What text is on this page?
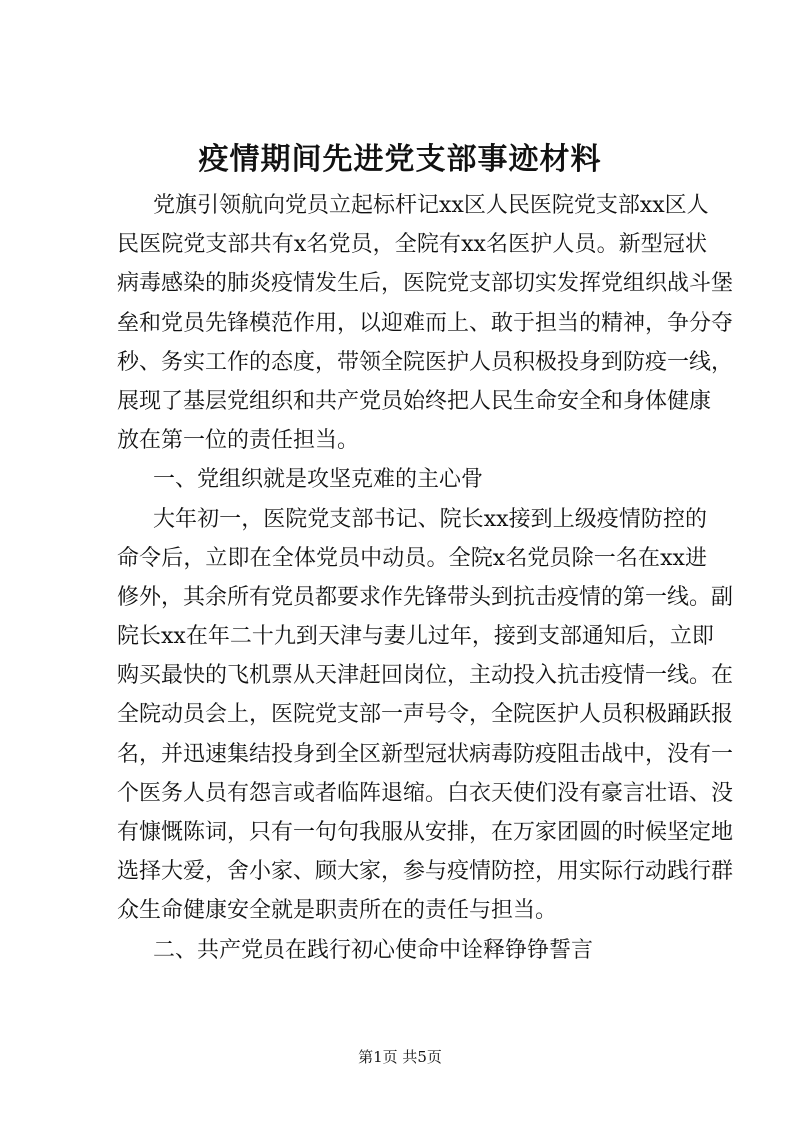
疫情期间先进党支部事迹材料

党旗引领航向党员立起标杆记xx区人民医院党支部xx区人

民医院党支部共有x名党员，全院有xx名医护人员。新型冠状

病毒感染的肺炎疫情发生后，医院党支部切实发挥党组织战斗堡

垒和党员先锋模范作用，以迎难而上、敢于担当的精神，争分夺

秒、务实工作的态度，带领全院医护人员积极投身到防疫一线，

展现了基层党组织和共产党员始终把人民生命安全和身体健康

放在第一位的责任担当。

一、党组织就是攻坚克难的主心骨

大年初一，医院党支部书记、院长xx接到上级疫情防控的

命令后，立即在全体党员中动员。全院x名党员除一名在xx进

修外，其余所有党员都要求作先锋带头到抗击疫情的第一线。副

院长xx在年二十九到天津与妻儿过年，接到支部通知后，立即

购买最快的飞机票从天津赶回岗位，主动投入抗击疫情一线。在

全院动员会上，医院党支部一声号令，全院医护人员积极踊跃报

名，并迅速集结投身到全区新型冠状病毒防疫阻击战中，没有一

个医务人员有怨言或者临阵退缩。白衣天使们没有豪言壮语、没

有慷慨陈词，只有一句句我服从安排，在万家团圆的时候坚定地

选择大爱，舍小家、顾大家，参与疫情防控，用实际行动践行群

众生命健康安全就是职责所在的责任与担当。

二、共产党员在践行初心使命中诠释铮铮誓言

第1页 共5页
